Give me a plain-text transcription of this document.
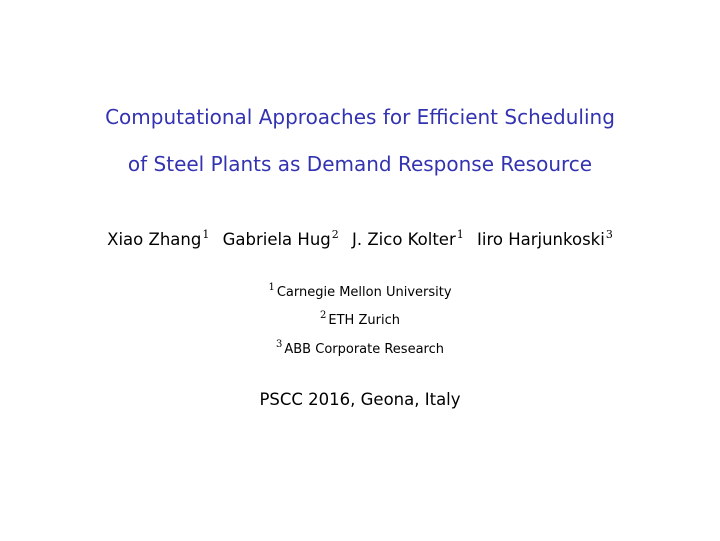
Computational Approaches for Efficient Scheduling
of Steel Plants as Demand Response Resource
Xiao Zhang$^1$ Gabriela Hug$^2$ J. Zico Kolter$^1$ Iiro Harjunkoski$^3$
$^1$ Carnegie Mellon University
$^2$ ETH Zurich
$^3$ ABB Corporate Research
PSCC 2016, Geona, Italy
